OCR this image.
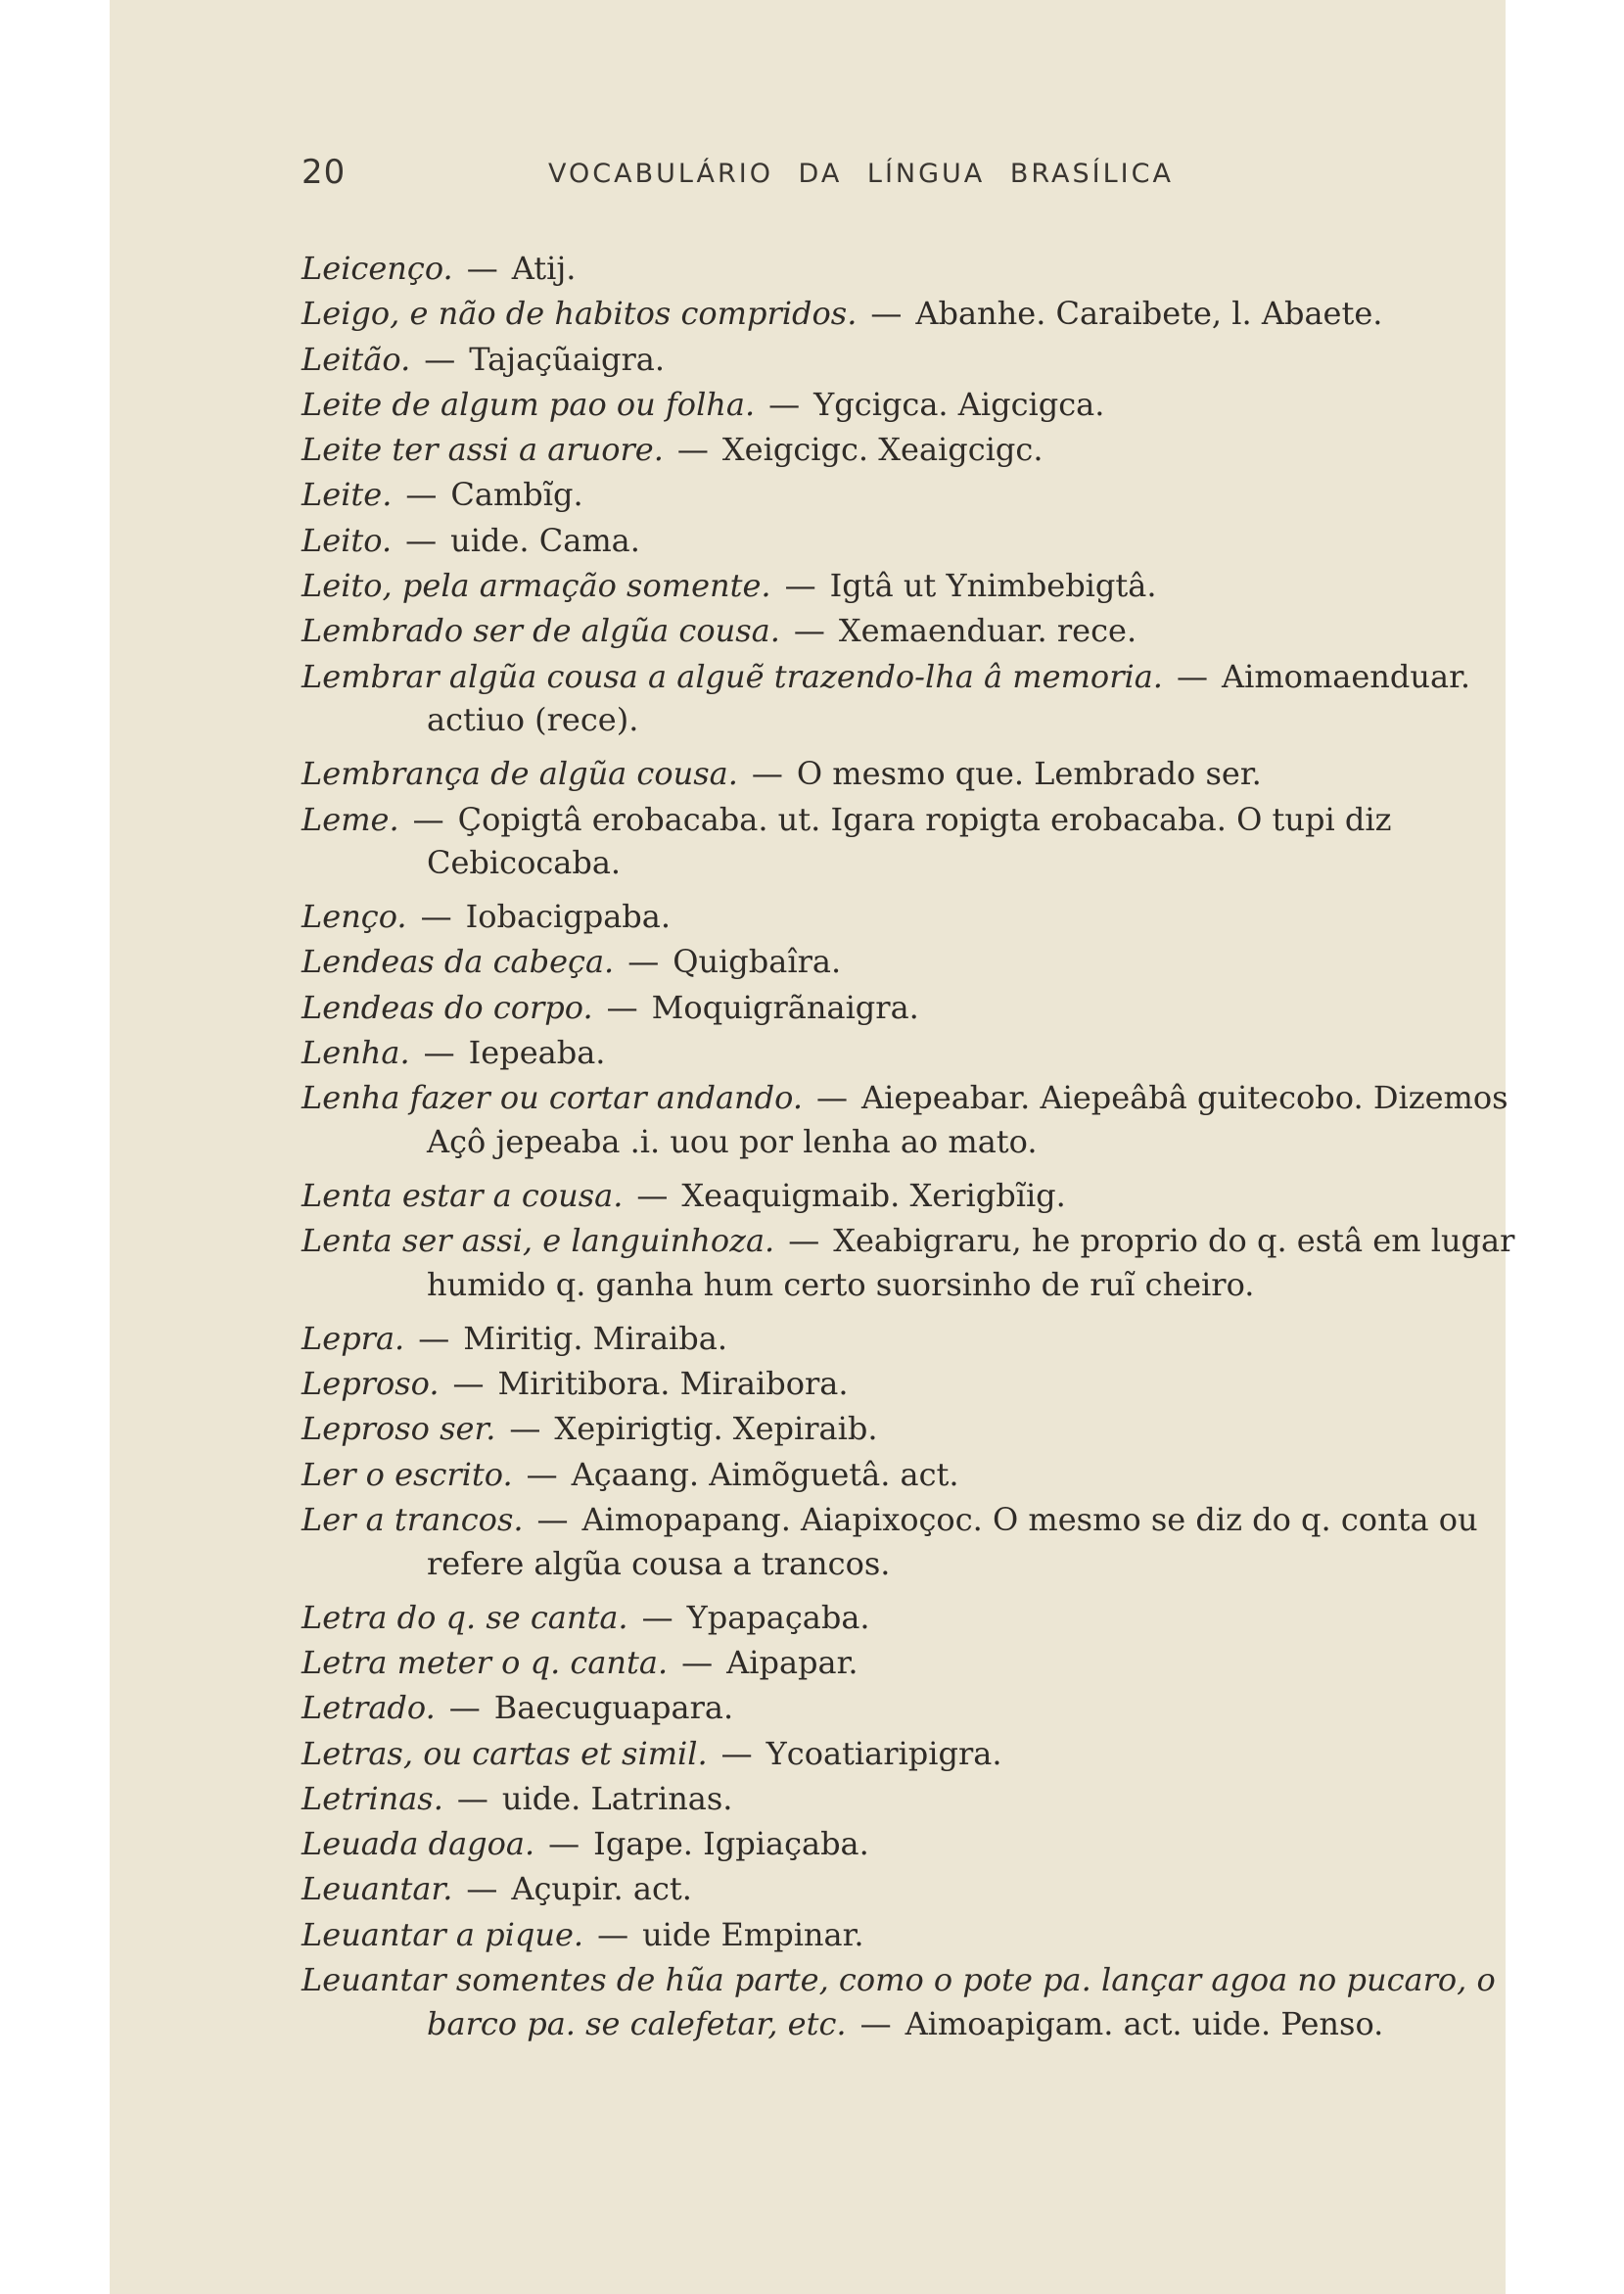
20	VOCABULÁRIO DA LÍNGUA BRASÍLICA
Leicenço. — Atij.
Leigo, e não de habitos compridos. — Abanhe. Caraibete, l. Abaete.
Leitão. — Tajaçũaigra.
Leite de algum pao ou folha. — Ygcigca. Aigcigca.
Leite ter assi a aruore. — Xeigcigc. Xeaigcigc.
Leite. — Cambĩg.
Leito. — uide. Cama.
Leito, pela armação somente. — Igtâ ut Ynimbebigtâ.
Lembrado ser de algũa cousa. — Xemaenduar. rece.
Lembrar algũa cousa a alguẽ trazendo-lha â memoria. — Aimomaenduar. actiuo (rece).
Lembrança de algũa cousa. — O mesmo que. Lembrado ser.
Leme. — Çopigtâ erobacaba. ut. Igara ropigta erobacaba. O tupi diz Cebicocaba.
Lenço. — Iobacigpaba.
Lendeas da cabeça. — Quigbaîra.
Lendeas do corpo. — Moquigrãnaigra.
Lenha. — Iepeaba.
Lenha fazer ou cortar andando. — Aiepeabar. Aiepeâbâ guitecobo. Dizemos Açô jepeaba .i. uou por lenha ao mato.
Lenta estar a cousa. — Xeaquigmaib. Xerigbĩig.
Lenta ser assi, e languinhoza. — Xeabigraru, he proprio do q. estâ em lugar humido q. ganha hum certo suorsinho de ruĩ cheiro.
Lepra. — Miritig. Miraiba.
Leproso. — Miritibora. Miraibora.
Leproso ser. — Xepirigtig. Xepiraib.
Ler o escrito. — Açaang. Aimõguetâ. act.
Ler a trancos. — Aimopapang. Aiapixoçoc. O mesmo se diz do q. conta ou refere algũa cousa a trancos.
Letra do q. se canta. — Ypapaçaba.
Letra meter o q. canta. — Aipapar.
Letrado. — Baecuguapara.
Letras, ou cartas et simil. — Ycoatiaripigra.
Letrinas. — uide. Latrinas.
Leuada dagoa. — Igape. Igpiaçaba.
Leuantar. — Açupir. act.
Leuantar a pique. — uide Empinar.
Leuantar somentes de hũa parte, como o pote pa. lançar agoa no pucaro, o barco pa. se calefetar, etc. — Aimoapigam. act. uide. Penso.
